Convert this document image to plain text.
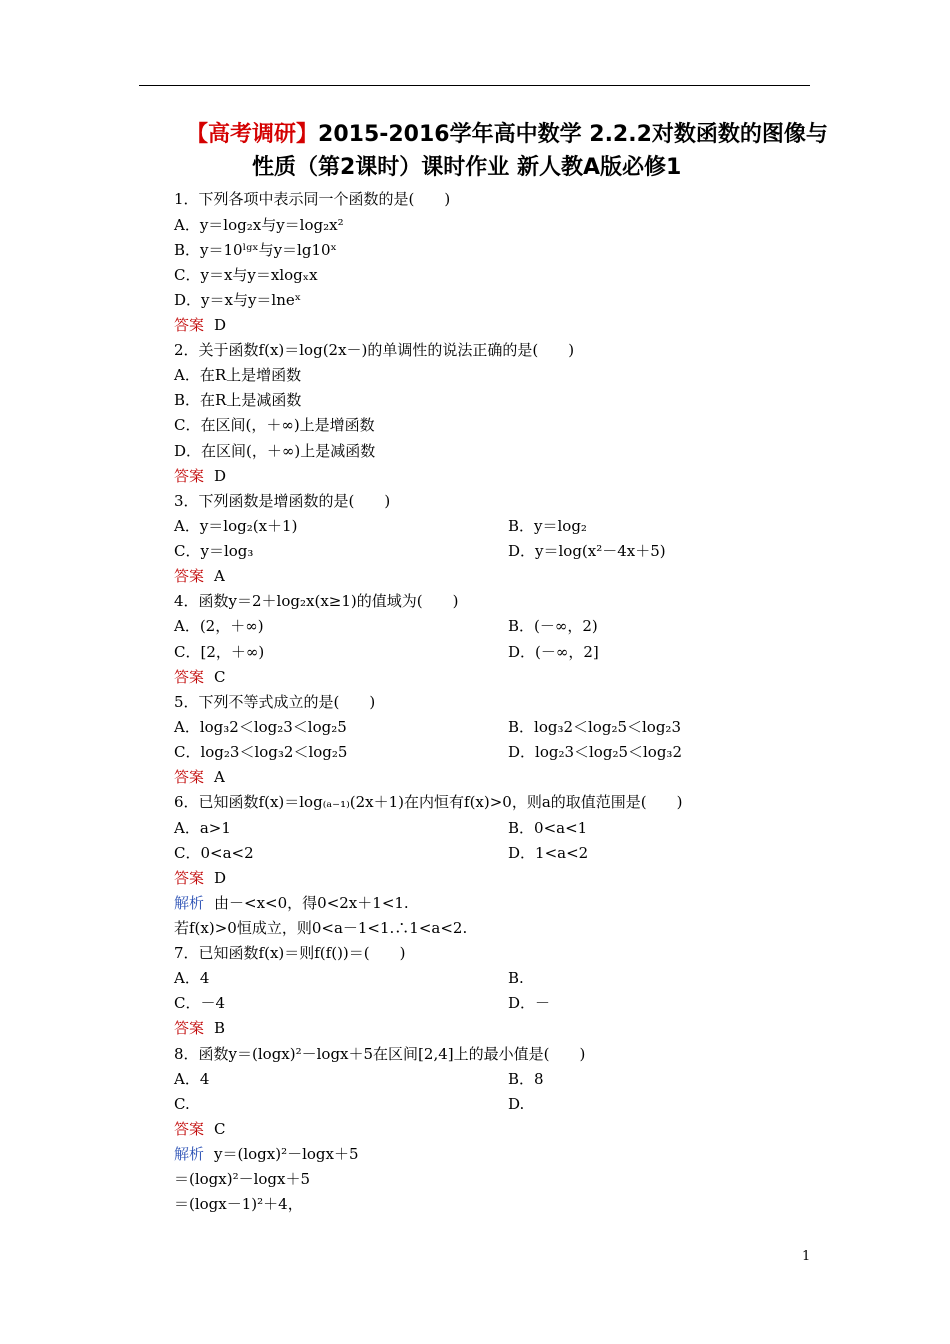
【高考调研】2015-2016学年高中数学 2.2.2对数函数的图像与
性质（第2课时）课时作业 新人教A版必修1
1．下列各项中表示同一个函数的是(　　)
A．y＝log₂x与y＝log₂x²
B．y＝10ˡᵍˣ与y＝lg10ˣ
C．y＝x与y＝xlogₓx
D．y＝x与y＝lneˣ
答案 D
2．关于函数f(x)＝log(2x－)的单调性的说法正确的是(　　)
A．在R上是增函数
B．在R上是减函数
C．在区间(，＋∞)上是增函数
D．在区间(，＋∞)上是减函数
答案 D
3．下列函数是增函数的是(　　)
A．y＝log₂(x＋1)	B．y＝log₂
C．y＝log₃	D．y＝log(x²－4x＋5)
答案 A
4．函数y＝2＋log₂x(x≥1)的值域为(　　)
A．(2，＋∞)	B．(－∞，2)
C．[2，＋∞)	D．(－∞，2]
答案 C
5．下列不等式成立的是(　　)
A．log₃2＜log₂3＜log₂5	B．log₃2＜log₂5＜log₂3
C．log₂3＜log₃2＜log₂5	D．log₂3＜log₂5＜log₃2
答案 A
6．已知函数f(x)＝log₍ₐ₋₁₎(2x＋1)在内恒有f(x)>0，则a的取值范围是(　　)
A．a>1	B．0<a<1
C．0<a<2	D．1<a<2
答案 D
解析 由－<x<0，得0<2x＋1<1.
若f(x)>0恒成立，则0<a－1<1.∴1<a<2.
7．已知函数f(x)＝则f(f())＝(　　)
A．4	B.
C．－4	D．－
答案 B
8．函数y＝(logx)²－logx＋5在区间[2,4]上的最小值是(　　)
A．4	B．8
C.	D.
答案 C
解析 y＝(logx)²－logx＋5
＝(logx)²－logx＋5
＝(logx－1)²＋4，
1
